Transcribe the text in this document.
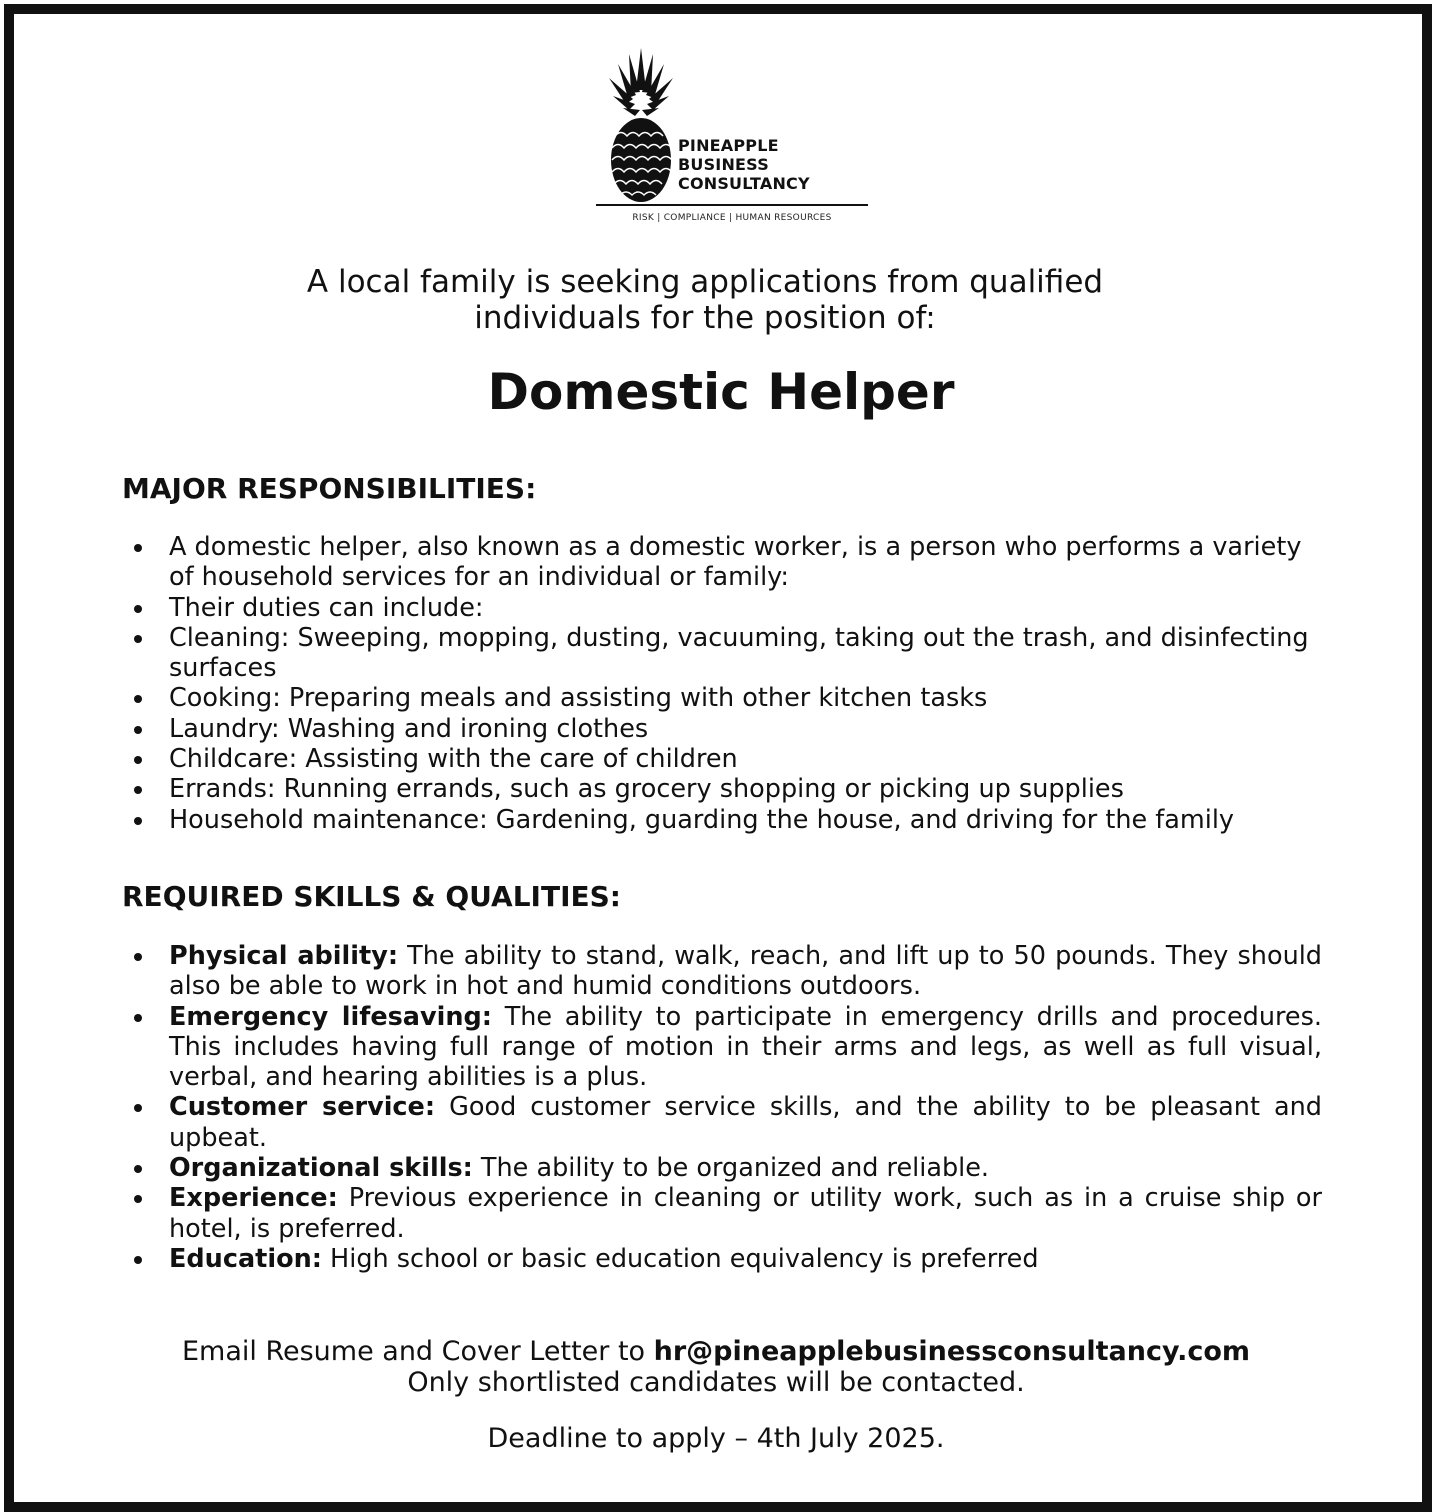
PINEAPPLE
BUSINESS
CONSULTANCY
RISK | COMPLIANCE | HUMAN RESOURCES
A local family is seeking applications from qualified
individuals for the position of:
Domestic Helper
MAJOR RESPONSIBILITIES:
A domestic helper, also known as a domestic worker, is a person who performs a variety of household services for an individual or family:
Their duties can include:
Cleaning: Sweeping, mopping, dusting, vacuuming, taking out the trash, and disinfecting surfaces
Cooking: Preparing meals and assisting with other kitchen tasks
Laundry: Washing and ironing clothes
Childcare: Assisting with the care of children
Errands: Running errands, such as grocery shopping or picking up supplies
Household maintenance: Gardening, guarding the house, and driving for the family
REQUIRED SKILLS & QUALITIES:
Physical ability: The ability to stand, walk, reach, and lift up to 50 pounds. They should also be able to work in hot and humid conditions outdoors.
Emergency lifesaving: The ability to participate in emergency drills and procedures. This includes having full range of motion in their arms and legs, as well as full visual, verbal, and hearing abilities is a plus.
Customer service: Good customer service skills, and the ability to be pleasant and upbeat.
Organizational skills: The ability to be organized and reliable.
Experience: Previous experience in cleaning or utility work, such as in a cruise ship or hotel, is preferred.
Education: High school or basic education equivalency is preferred
Email Resume and Cover Letter to hr@pineapplebusinessconsultancy.com
Only shortlisted candidates will be contacted.
Deadline to apply – 4th July 2025.
